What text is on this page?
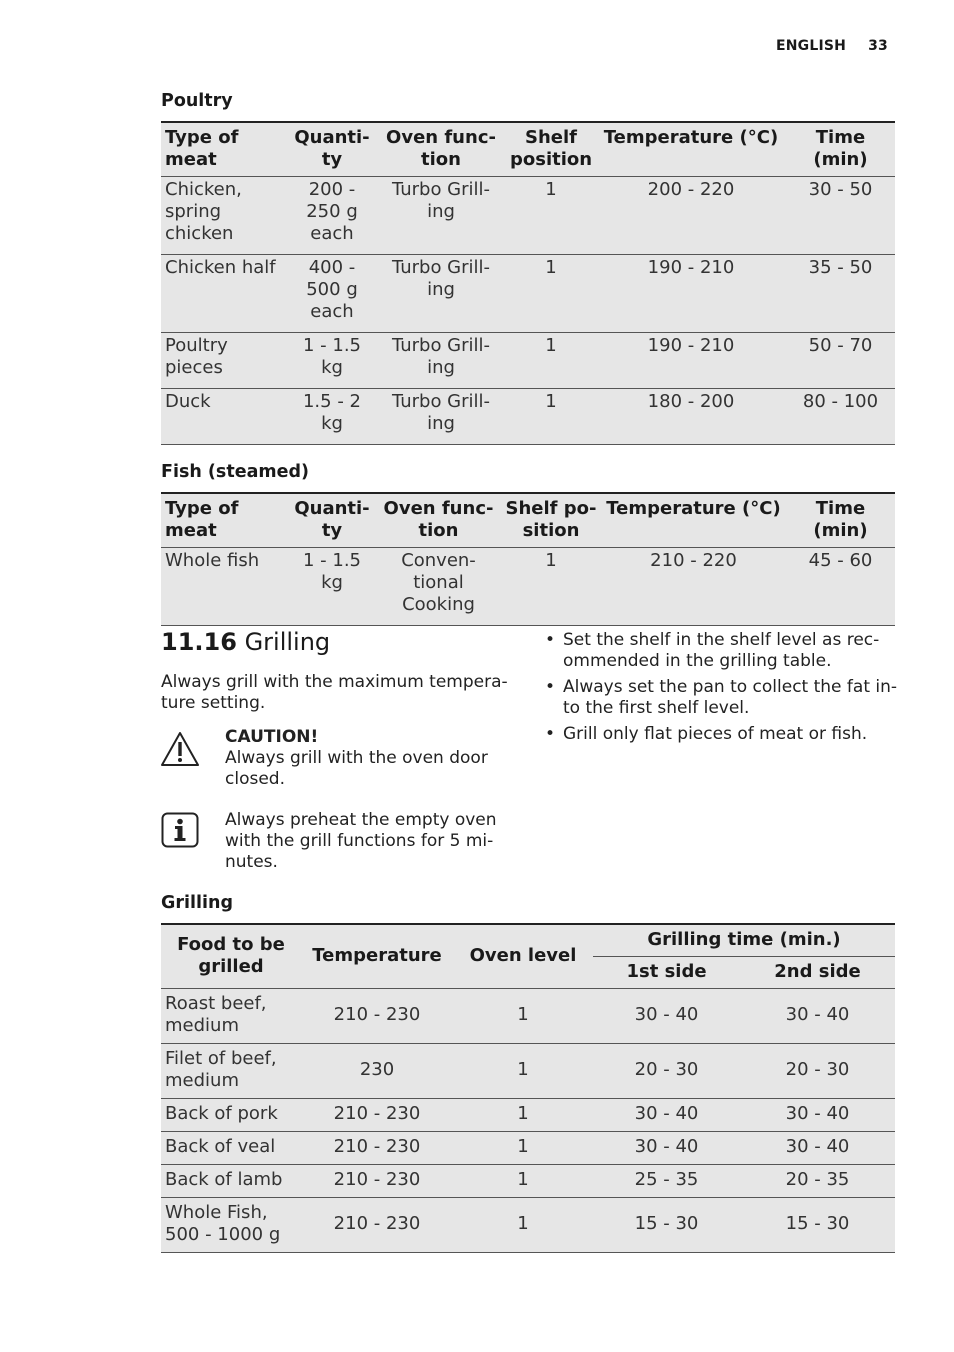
ENGLISH 33
Poultry
Type of meat	Quanti-ty	Oven func-tion	Shelf position	Temperature (°C)	Time (min)
Chicken, spring chicken	200 - 250 g each	Turbo Grill-ing	1	200 - 220	30 - 50
Chicken half	400 - 500 g each	Turbo Grill-ing	1	190 - 210	35 - 50
Poultry pieces	1 - 1.5 kg	Turbo Grill-ing	1	190 - 210	50 - 70
Duck	1.5 - 2 kg	Turbo Grill-ing	1	180 - 200	80 - 100
Fish (steamed)
Type of meat	Quanti-ty	Oven func-tion	Shelf po-sition	Temperature (°C)	Time (min)
Whole fish	1 - 1.5 kg	Conven-tional Cooking	1	210 - 220	45 - 60
11.16 Grilling
Always grill with the maximum tempera-ture setting.
CAUTION!
Always grill with the oven door closed.
Always preheat the empty oven with the grill functions for 5 mi-nutes.
• Set the shelf in the shelf level as rec-ommended in the grilling table.
• Always set the pan to collect the fat in-to the first shelf level.
• Grill only flat pieces of meat or fish.
Grilling
Food to be grilled	Temperature	Oven level	Grilling time (min.)	
			1st side	2nd side
Roast beef, medium	210 - 230	1	30 - 40	30 - 40
Filet of beef, medium	230	1	20 - 30	20 - 30
Back of pork	210 - 230	1	30 - 40	30 - 40
Back of veal	210 - 230	1	30 - 40	30 - 40
Back of lamb	210 - 230	1	25 - 35	20 - 35
Whole Fish, 500 - 1000 g	210 - 230	1	15 - 30	15 - 30
